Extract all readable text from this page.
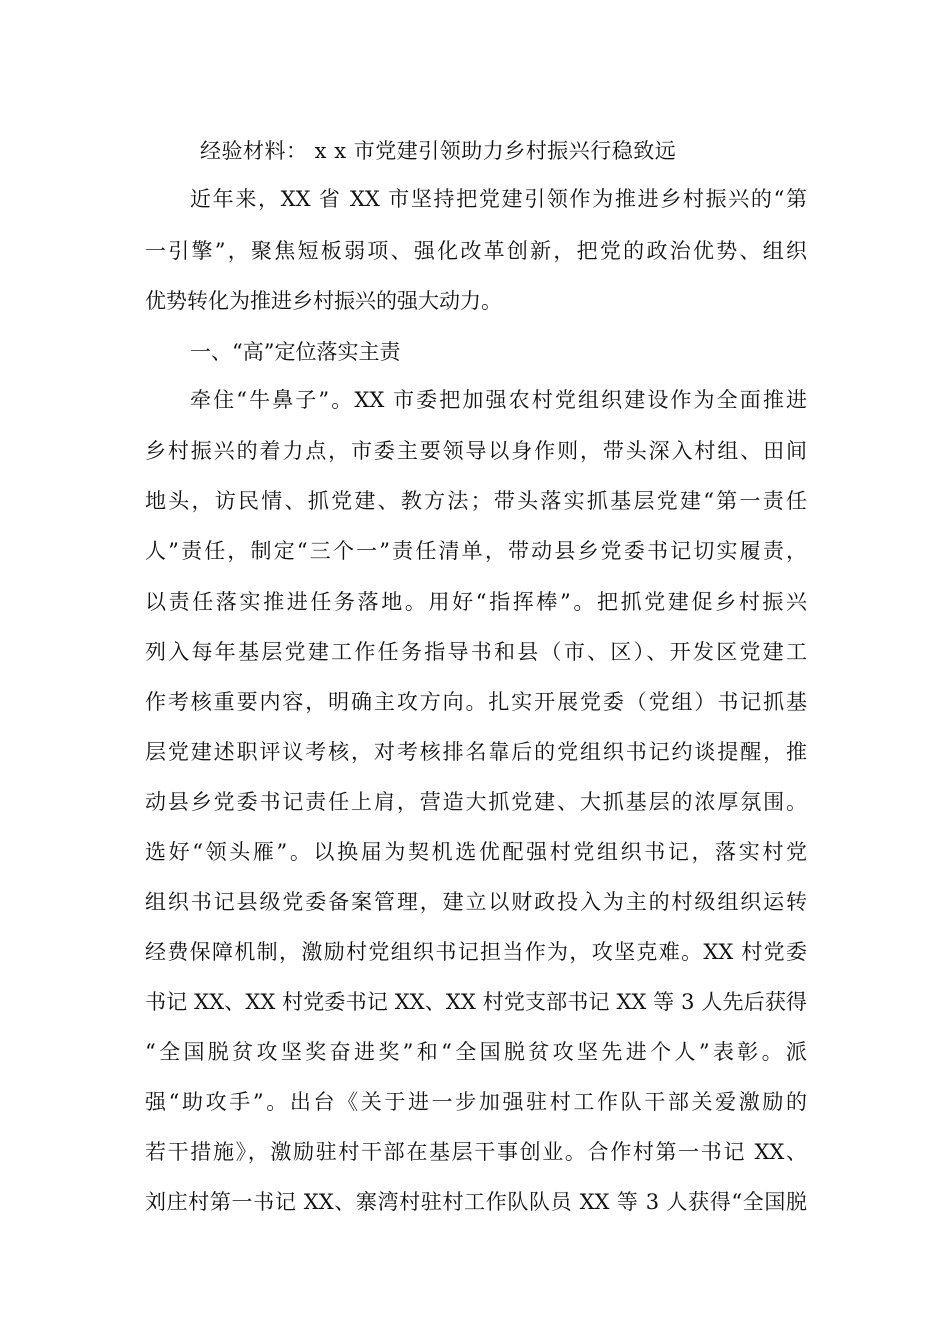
经验材料： x x 市党建引领助力乡村振兴行稳致远
近年来，XX 省 XX 市坚持把党建引领作为推进乡村振兴的“第
一引擎”，聚焦短板弱项、强化改革创新，把党的政治优势、组织
优势转化为推进乡村振兴的强大动力。
一、“高”定位落实主责
牵住“牛鼻子”。XX 市委把加强农村党组织建设作为全面推进
乡村振兴的着力点，市委主要领导以身作则，带头深入村组、田间
地头，访民情、抓党建、教方法；带头落实抓基层党建“第一责任
人”责任，制定“三个一”责任清单，带动县乡党委书记切实履责，
以责任落实推进任务落地。用好“指挥棒”。把抓党建促乡村振兴
列入每年基层党建工作任务指导书和县（市、区）、开发区党建工
作考核重要内容，明确主攻方向。扎实开展党委（党组）书记抓基
层党建述职评议考核，对考核排名靠后的党组织书记约谈提醒，推
动县乡党委书记责任上肩，营造大抓党建、大抓基层的浓厚氛围。
选好“领头雁”。以换届为契机选优配强村党组织书记，落实村党
组织书记县级党委备案管理，建立以财政投入为主的村级组织运转
经费保障机制，激励村党组织书记担当作为，攻坚克难。XX 村党委
书记 XX、XX 村党委书记 XX、XX 村党支部书记 XX 等 3 人先后获得
“全国脱贫攻坚奖奋进奖”和“全国脱贫攻坚先进个人”表彰。派
强“助攻手”。出台《关于进一步加强驻村工作队干部关爱激励的
若干措施》，激励驻村干部在基层干事创业。合作村第一书记 XX、
刘庄村第一书记 XX、寨湾村驻村工作队队员 XX 等 3 人获得“全国脱
